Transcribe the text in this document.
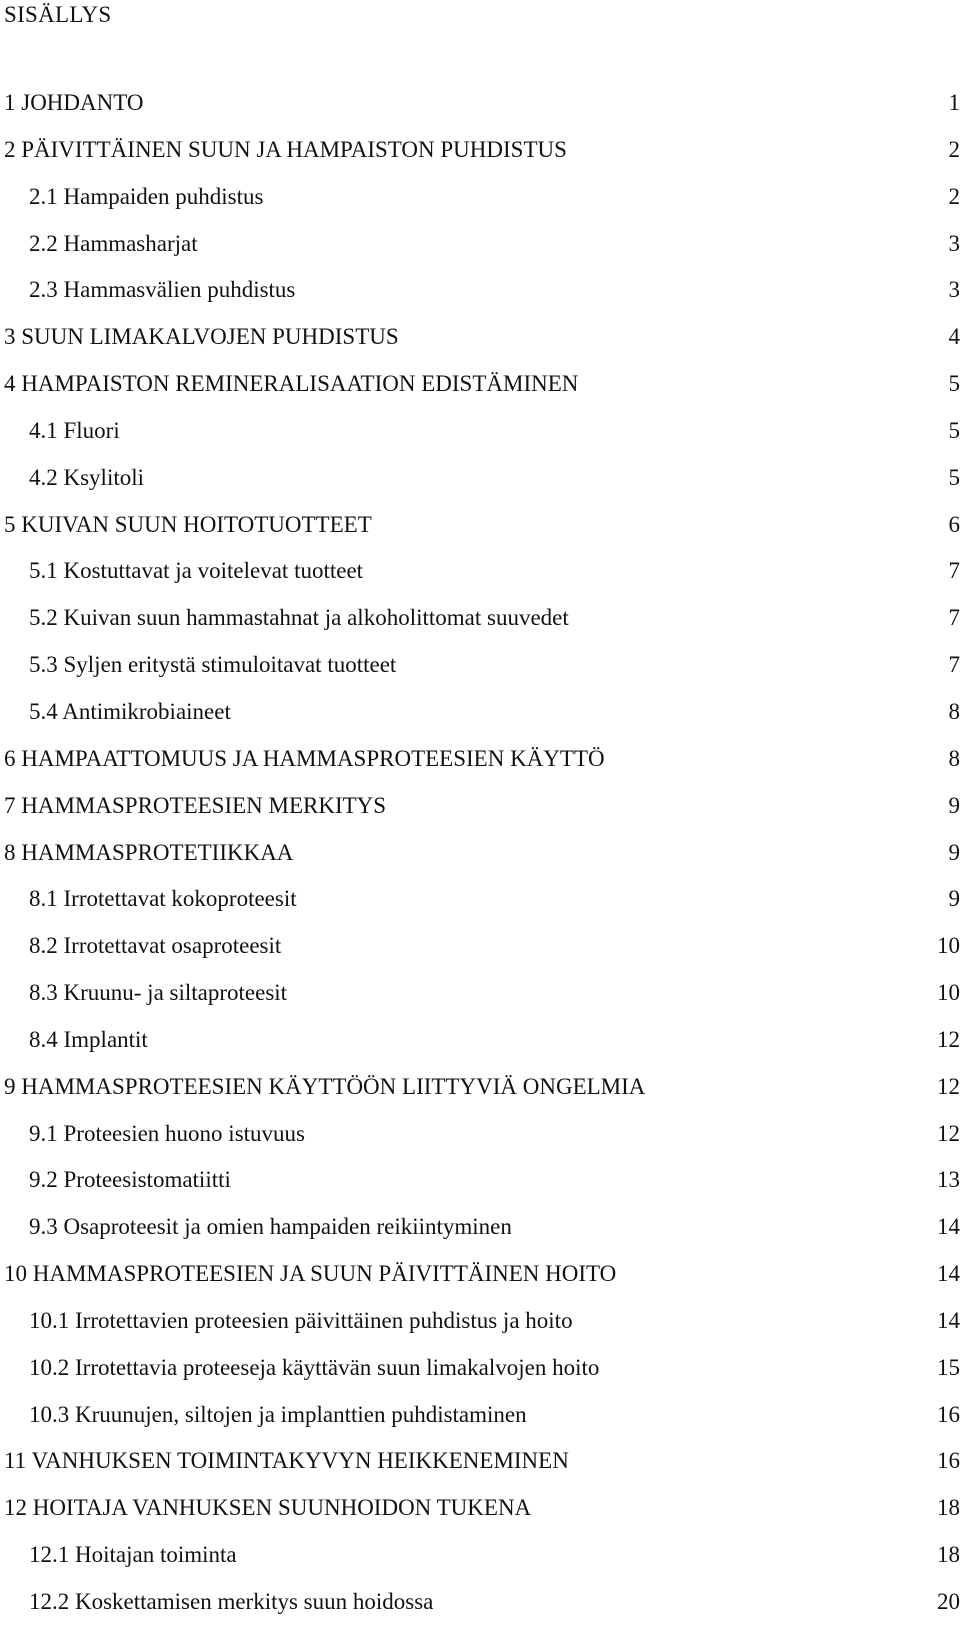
SISÄLLYS
1 JOHDANTO	1
2 PÄIVITTÄINEN SUUN JA HAMPAISTON PUHDISTUS	2
2.1 Hampaiden puhdistus	2
2.2 Hammasharjat	3
2.3 Hammasvälien puhdistus	3
3 SUUN LIMAKALVOJEN PUHDISTUS	4
4 HAMPAISTON REMINERALISAATION EDISTÄMINEN	5
4.1 Fluori	5
4.2 Ksylitoli	5
5 KUIVAN SUUN HOITOTUOTTEET	6
5.1 Kostuttavat ja voitelevat tuotteet	7
5.2 Kuivan suun hammastahnat ja alkoholittomat suuvedet	7
5.3 Syljen eritystä stimuloitavat tuotteet	7
5.4 Antimikrobiaineet	8
6 HAMPAATTOMUUS JA HAMMASPROTEESIEN KÄYTTÖ	8
7 HAMMASPROTEESIEN MERKITYS	9
8 HAMMASPROTETIIKKAA	9
8.1 Irrotettavat kokoproteesit	9
8.2 Irrotettavat osaproteesit	10
8.3 Kruunu- ja siltaproteesit	10
8.4 Implantit	12
9 HAMMASPROTEESIEN KÄYTTÖÖN LIITTYVIÄ ONGELMIA	12
9.1 Proteesien huono istuvuus	12
9.2 Proteesistomatiitti	13
9.3 Osaproteesit ja omien hampaiden reikiintyminen	14
10 HAMMASPROTEESIEN JA SUUN PÄIVITTÄINEN HOITO	14
10.1 Irrotettavien proteesien päivittäinen puhdistus ja hoito	14
10.2 Irrotettavia proteeseja käyttävän suun limakalvojen hoito	15
10.3 Kruunujen, siltojen ja implanttien puhdistaminen	16
11 VANHUKSEN TOIMINTAKYVYN HEIKKENEMINEN	16
12 HOITAJA VANHUKSEN SUUNHOIDON TUKENA	18
12.1 Hoitajan toiminta	18
12.2 Koskettamisen merkitys suun hoidossa	20
